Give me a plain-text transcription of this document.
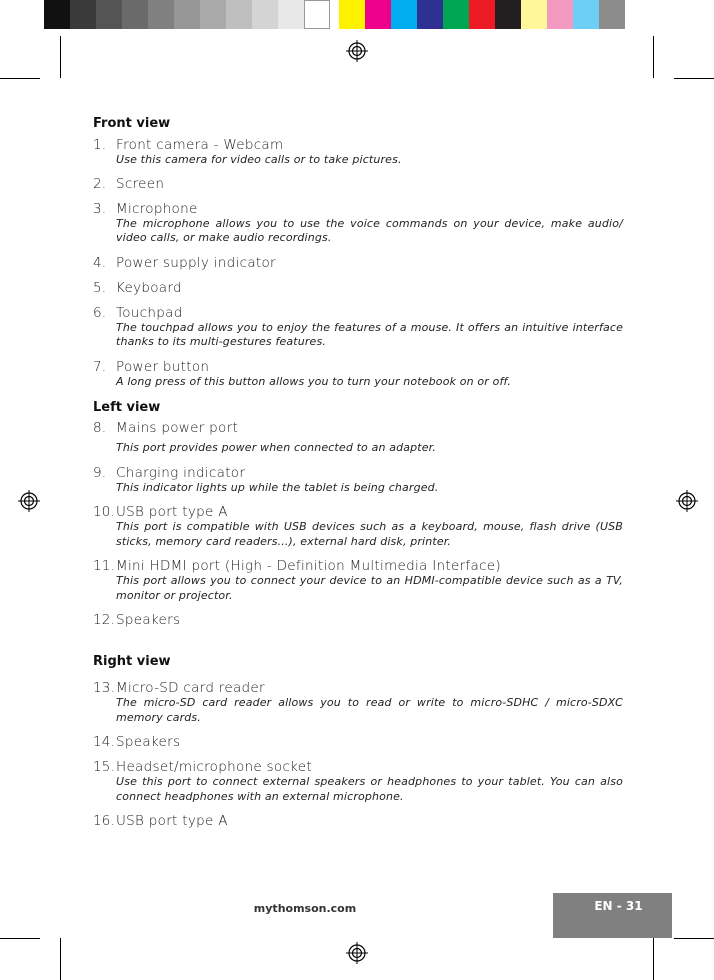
Front view
1. Front camera - Webcam
Use this camera for video calls or to take pictures.
2. Screen
3. Microphone
The microphone allows you to use the voice commands on your device, make audio/ video calls, or make audio recordings.
4. Power supply indicator
5. Keyboard
6. Touchpad
The touchpad allows you to enjoy the features of a mouse. It offers an intuitive interface thanks to its multi-gestures features.
7. Power button
A long press of this button allows you to turn your notebook on or off.
Left view
8. Mains power port
This port provides power when connected to an adapter.
9. Charging indicator
This indicator lights up while the tablet is being charged.
10. USB port type A
This port is compatible with USB devices such as a keyboard, mouse, flash drive (USB sticks, memory card readers...), external hard disk, printer.
11. Mini HDMI port (High - Definition Multimedia Interface)
This port allows you to connect your device to an HDMI-compatible device such as a TV, monitor or projector.
12. Speakers
Right view
13. Micro-SD card reader
The micro-SD card reader allows you to read or write to micro-SDHC / micro-SDXC memory cards.
14. Speakers
15. Headset/microphone socket
Use this port to connect external speakers or headphones to your tablet. You can also connect headphones with an external microphone.
16. USB port type A
mythomson.com	EN - 31
